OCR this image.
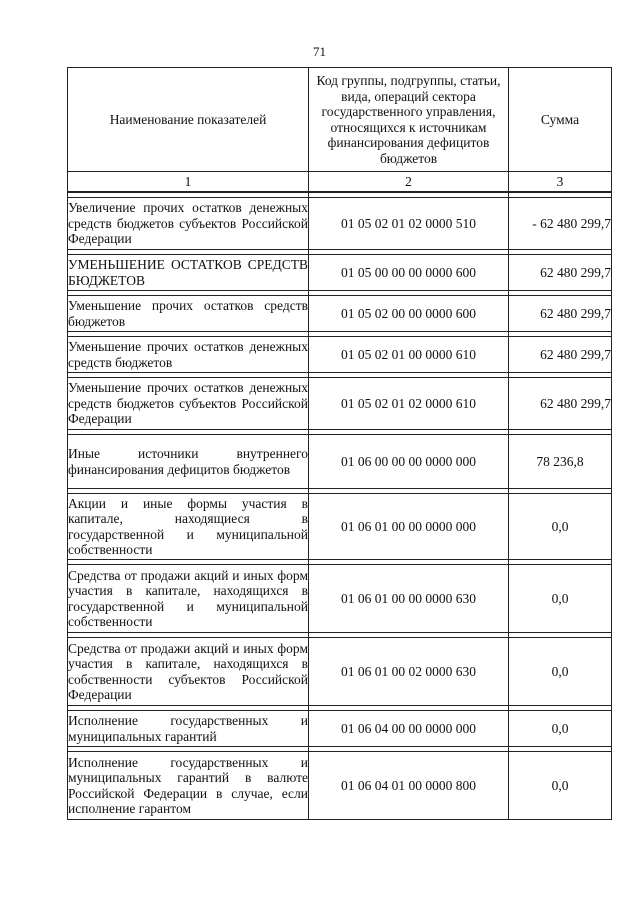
71
Наименование показателей	Код группы, подгруппы, статьи, вида, операций сектора государственного управления, относящихся к источникам финансирования дефицитов бюджетов	Сумма

1	2	3

Увеличение прочих остатков денежных средств бюджетов субъектов Российской Федерации	01 05 02 01 02 0000 510	- 62 480 299,7

УМЕНЬШЕНИЕ ОСТАТКОВ СРЕДСТВ БЮДЖЕТОВ	01 05 00 00 00 0000 600	62 480 299,7

Уменьшение прочих остатков средств бюджетов	01 05 02 00 00 0000 600	62 480 299,7

Уменьшение прочих остатков денежных средств бюджетов	01 05 02 01 00 0000 610	62 480 299,7

Уменьшение прочих остатков денежных средств бюджетов субъектов Российской Федерации	01 05 02 01 02 0000 610	62 480 299,7

Иные источники внутреннего финансирования дефицитов бюджетов	01 06 00 00 00 0000 000	78 236,8

Акции и иные формы участия в капитале, находящиеся в государственной и муниципальной собственности	01 06 01 00 00 0000 000	0,0

Средства от продажи акций и иных форм участия в капитале, находящихся в государственной и муниципальной собственности	01 06 01 00 00 0000 630	0,0

Средства от продажи акций и иных форм участия в капитале, находящихся в собственности субъектов Российской Федерации	01 06 01 00 02 0000 630	0,0

Исполнение государственных и муниципальных гарантий	01 06 04 00 00 0000 000	0,0

Исполнение государственных и муниципальных гарантий в валюте Российской Федерации в случае, если исполнение гарантом	01 06 04 01 00 0000 800	0,0
